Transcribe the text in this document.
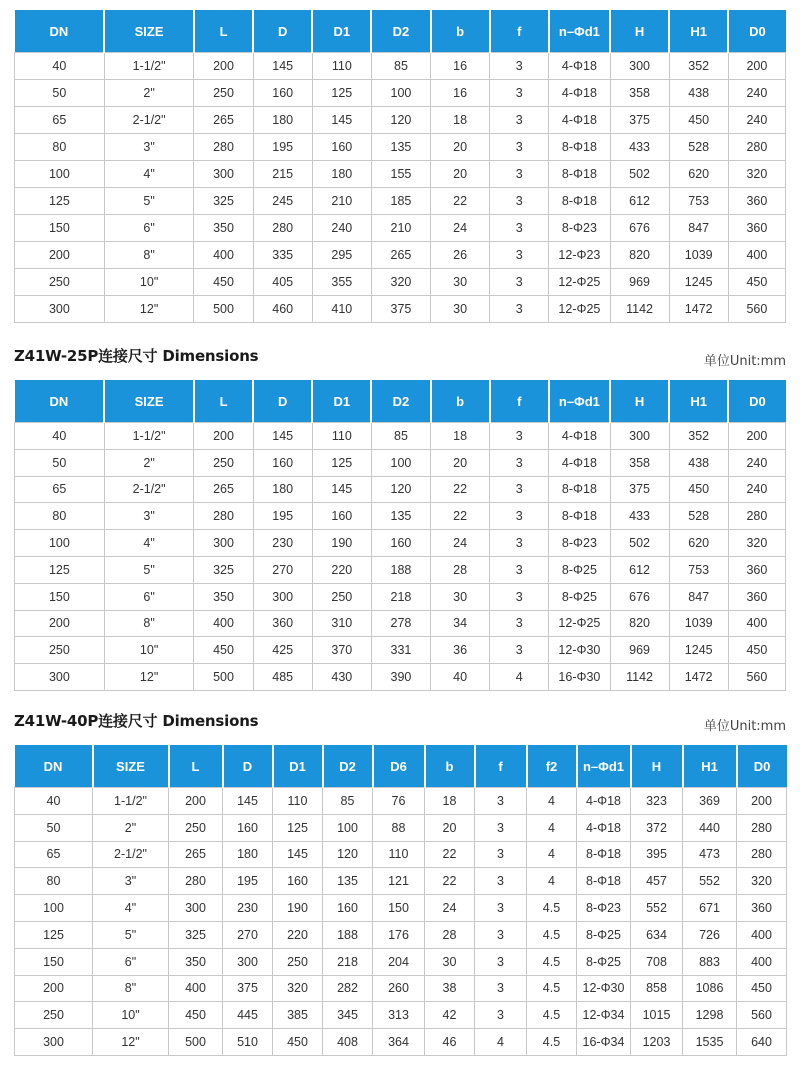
DN	SIZE	L	D	D1	D2	b	f	n–Φd1	H	H1	D0
40	1-1/2"	200	145	110	85	16	3	4-Φ18	300	352	200
50	2"	250	160	125	100	16	3	4-Φ18	358	438	240
65	2-1/2"	265	180	145	120	18	3	4-Φ18	375	450	240
80	3"	280	195	160	135	20	3	8-Φ18	433	528	280
100	4"	300	215	180	155	20	3	8-Φ18	502	620	320
125	5"	325	245	210	185	22	3	8-Φ18	612	753	360
150	6"	350	280	240	210	24	3	8-Φ23	676	847	360
200	8"	400	335	295	265	26	3	12-Φ23	820	1039	400
250	10"	450	405	355	320	30	3	12-Φ25	969	1245	450
300	12"	500	460	410	375	30	3	12-Φ25	1142	1472	560
Z41W-25P连接尺寸 Dimensions	单位Unit:mm
DN	SIZE	L	D	D1	D2	b	f	n–Φd1	H	H1	D0
40	1-1/2"	200	145	110	85	18	3	4-Φ18	300	352	200
50	2"	250	160	125	100	20	3	4-Φ18	358	438	240
65	2-1/2"	265	180	145	120	22	3	8-Φ18	375	450	240
80	3"	280	195	160	135	22	3	8-Φ18	433	528	280
100	4"	300	230	190	160	24	3	8-Φ23	502	620	320
125	5"	325	270	220	188	28	3	8-Φ25	612	753	360
150	6"	350	300	250	218	30	3	8-Φ25	676	847	360
200	8"	400	360	310	278	34	3	12-Φ25	820	1039	400
250	10"	450	425	370	331	36	3	12-Φ30	969	1245	450
300	12"	500	485	430	390	40	4	16-Φ30	1142	1472	560
Z41W-40P连接尺寸 Dimensions	单位Unit:mm
DN	SIZE	L	D	D1	D2	D6	b	f	f2	n–Φd1	H	H1	D0
40	1-1/2"	200	145	110	85	76	18	3	4	4-Φ18	323	369	200
50	2"	250	160	125	100	88	20	3	4	4-Φ18	372	440	280
65	2-1/2"	265	180	145	120	110	22	3	4	8-Φ18	395	473	280
80	3"	280	195	160	135	121	22	3	4	8-Φ18	457	552	320
100	4"	300	230	190	160	150	24	3	4.5	8-Φ23	552	671	360
125	5"	325	270	220	188	176	28	3	4.5	8-Φ25	634	726	400
150	6"	350	300	250	218	204	30	3	4.5	8-Φ25	708	883	400
200	8"	400	375	320	282	260	38	3	4.5	12-Φ30	858	1086	450
250	10"	450	445	385	345	313	42	3	4.5	12-Φ34	1015	1298	560
300	12"	500	510	450	408	364	46	4	4.5	16-Φ34	1203	1535	640
